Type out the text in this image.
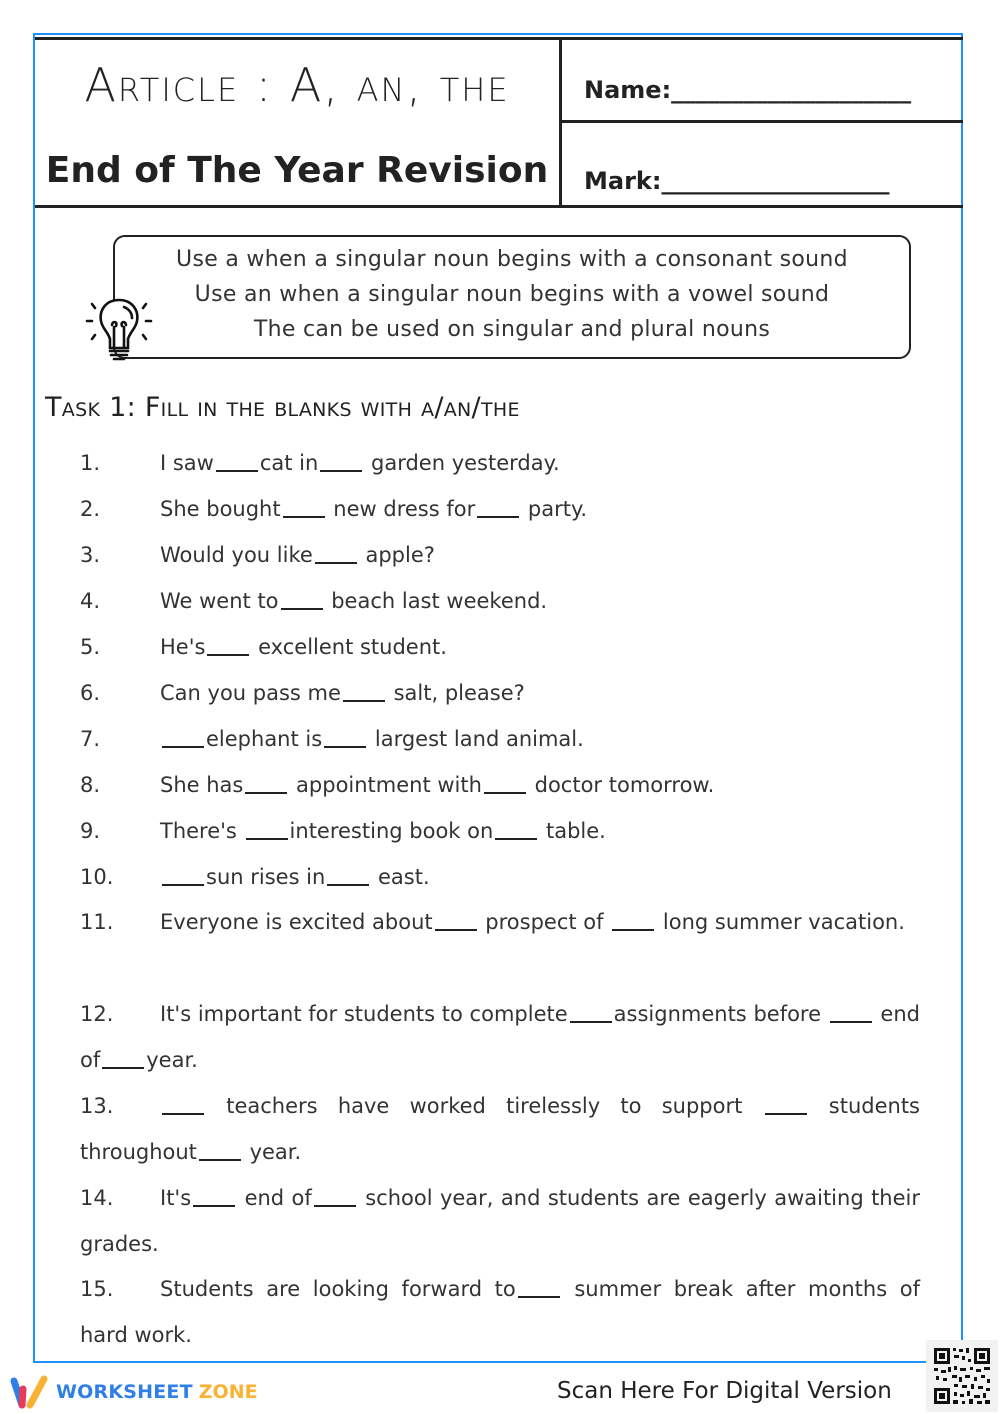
Article : A, an, the
End of The Year Revision
Name:____________________
Mark:___________________
Use a when a singular noun begins with a consonant sound
Use an when a singular noun begins with a vowel sound
The can be used on singular and plural nouns
Task 1: Fill in the blanks with a/an/the
1.	I saw cat in garden yesterday.
2.	She bought new dress for party.
3.	Would you like apple?
4.	We went to beach last weekend.
5.	He's excellent student.
6.	Can you pass me salt, please?
7.	elephant is largest land animal.
8.	She has appointment with doctor tomorrow.
9.	There's interesting book on table.
10.	sun rises in east.
11.	Everyone is excited about prospect of  long summer vacation.
12.	It's important for students to complete assignments before  end of year.
13.	teachers have worked tirelessly to support  students throughout year.
14.	It's end of school year, and students are eagerly awaiting their grades.
15.	Students are looking forward to summer break after months of hard work.
WORKSHEET ZONE	Scan Here For Digital Version
